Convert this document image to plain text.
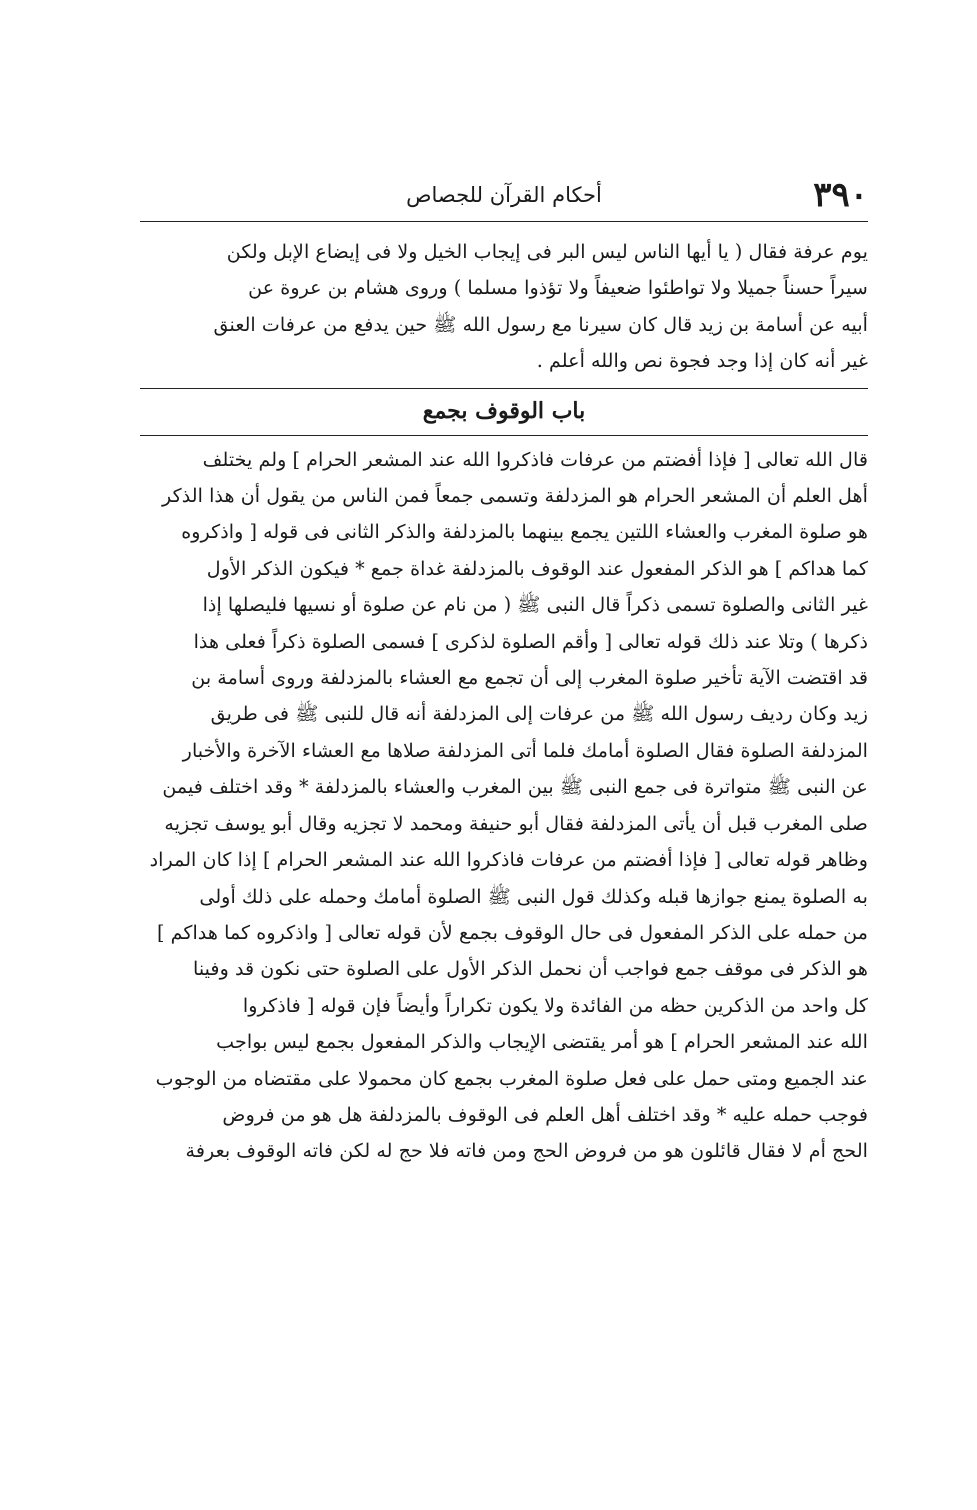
٣٩٠
أحكام القرآن للجصاص
يوم عرفة فقال ( يا أيها الناس ليس البر فى إيجاب الخيل ولا فى إيضاع الإبل ولكن
سيراً حسناً جميلا ولا تواطئوا ضعيفاً ولا تؤذوا مسلما ) وروى هشام بن عروة عن
أبيه عن أسامة بن زيد قال كان سيرنا مع رسول الله ﷺ حين يدفع من عرفات العنق
غير أنه كان إذا وجد فجوة نص والله أعلم .
باب الوقوف بجمع
قال الله تعالى [ فإذا أفضتم من عرفات فاذكروا الله عند المشعر الحرام ] ولم يختلف
أهل العلم أن المشعر الحرام هو المزدلفة وتسمى جمعاً فمن الناس من يقول أن هذا الذكر
هو صلوة المغرب والعشاء اللتين يجمع بينهما بالمزدلفة والذكر الثانى فى قوله [ واذكروه
كما هداكم ] هو الذكر المفعول عند الوقوف بالمزدلفة غداة جمع * فيكون الذكر الأول
غير الثانى والصلوة تسمى ذكراً قال النبى ﷺ ( من نام عن صلوة أو نسيها فليصلها إذا
ذكرها ) وتلا عند ذلك قوله تعالى [ وأقم الصلوة لذكرى ] فسمى الصلوة ذكراً فعلى هذا
قد اقتضت الآية تأخير صلوة المغرب إلى أن تجمع مع العشاء بالمزدلفة وروى أسامة بن
زيد وكان رديف رسول الله ﷺ من عرفات إلى المزدلفة أنه قال للنبى ﷺ فى طريق
المزدلفة الصلوة فقال الصلوة أمامك فلما أتى المزدلفة صلاها مع العشاء الآخرة والأخبار
عن النبى ﷺ متواترة فى جمع النبى ﷺ بين المغرب والعشاء بالمزدلفة * وقد اختلف فيمن
صلى المغرب قبل أن يأتى المزدلفة فقال أبو حنيفة ومحمد لا تجزيه وقال أبو يوسف تجزيه
وظاهر قوله تعالى [ فإذا أفضتم من عرفات فاذكروا الله عند المشعر الحرام ] إذا كان المراد
به الصلوة يمنع جوازها قبله وكذلك قول النبى ﷺ الصلوة أمامك وحمله على ذلك أولى
من حمله على الذكر المفعول فى حال الوقوف بجمع لأن قوله تعالى [ واذكروه كما هداكم ]
هو الذكر فى موقف جمع فواجب أن نحمل الذكر الأول على الصلوة حتى نكون قد وفينا
كل واحد من الذكرين حظه من الفائدة ولا يكون تكراراً وأيضاً فإن قوله [ فاذكروا
الله عند المشعر الحرام ] هو أمر يقتضى الإيجاب والذكر المفعول بجمع ليس بواجب
عند الجميع ومتى حمل على فعل صلوة المغرب بجمع كان محمولا على مقتضاه من الوجوب
فوجب حمله عليه * وقد اختلف أهل العلم فى الوقوف بالمزدلفة هل هو من فروض
الحج أم لا فقال قائلون هو من فروض الحج ومن فاته فلا حج له لكن فاته الوقوف بعرفة
